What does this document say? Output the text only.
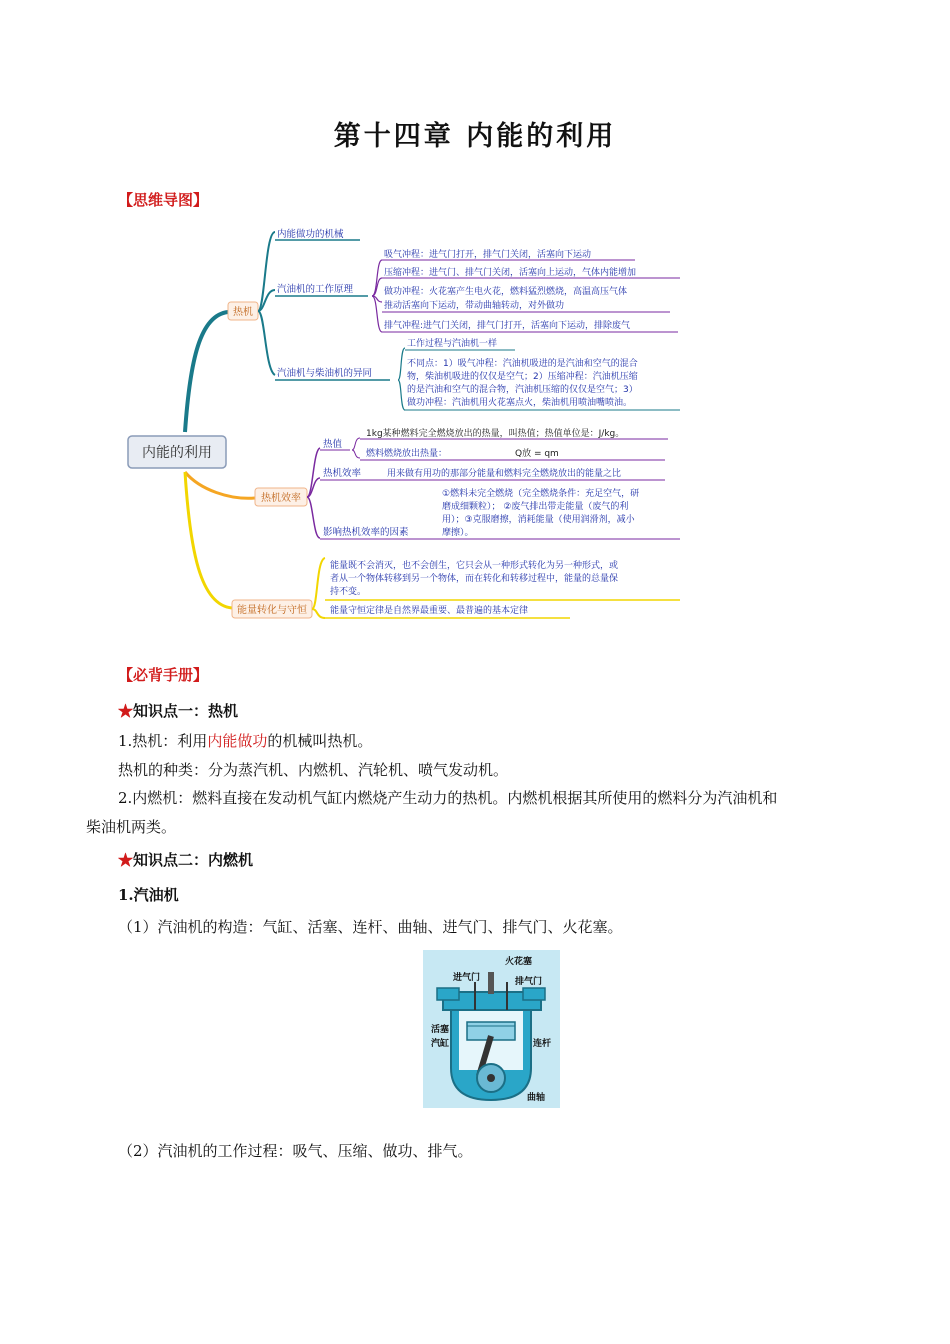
第十四章 内能的利用
【思维导图】
内能的利用
热机
内能做功的机械
汽油机的工作原理
吸气冲程：进气门打开，排气门关闭，活塞向下运动
压缩冲程：进气门、排气门关闭，活塞向上运动，气体内能增加
做功冲程：火花塞产生电火花，燃料猛烈燃烧，高温高压气体
推动活塞向下运动，带动曲轴转动，对外做功
排气冲程:进气门关闭，排气门打开，活塞向下运动，排除废气
汽油机与柴油机的异同
工作过程与汽油机一样
不同点：1）吸气冲程：汽油机吸进的是汽油和空气的混合
物，柴油机吸进的仅仅是空气；2）压缩冲程：汽油机压缩
的是汽油和空气的混合物，汽油机压缩的仅仅是空气；3）
做功冲程：汽油机用火花塞点火，柴油机用喷油嘴喷油。
热机效率
热值
1kg某种燃料完全燃烧放出的热量，叫热值；热值单位是：J/kg。
燃料燃烧放出热量：	Q放 = qm
热机效率	用来做有用功的那部分能量和燃料完全燃烧放出的能量之比
影响热机效率的因素
①燃料未完全燃烧（完全燃烧条件：充足空气，研
磨成细颗粒）； ②废气排出带走能量（废气的利
用）；③克服磨擦，消耗能量（使用润滑剂，减小
摩擦）。
能量转化与守恒
能量既不会消灭，也不会创生，它只会从一种形式转化为另一种形式，或
者从一个物体转移到另一个物体，而在转化和转移过程中，能量的总量保
持不变。
能量守恒定律是自然界最重要、最普遍的基本定律
【必背手册】
★知识点一：热机
1.热机：利用内能做功的机械叫热机。
热机的种类：分为蒸汽机、内燃机、汽轮机、喷气发动机。
2.内燃机：燃料直接在发动机气缸内燃烧产生动力的热机。内燃机根据其所使用的燃料分为汽油机和
柴油机两类。
★知识点二：内燃机
1.汽油机
（1）汽油机的构造：气缸、活塞、连杆、曲轴、进气门、排气门、火花塞。
火花塞
进气门	排气门
活塞
汽缸	连杆
曲轴
（2）汽油机的工作过程：吸气、压缩、做功、排气。
